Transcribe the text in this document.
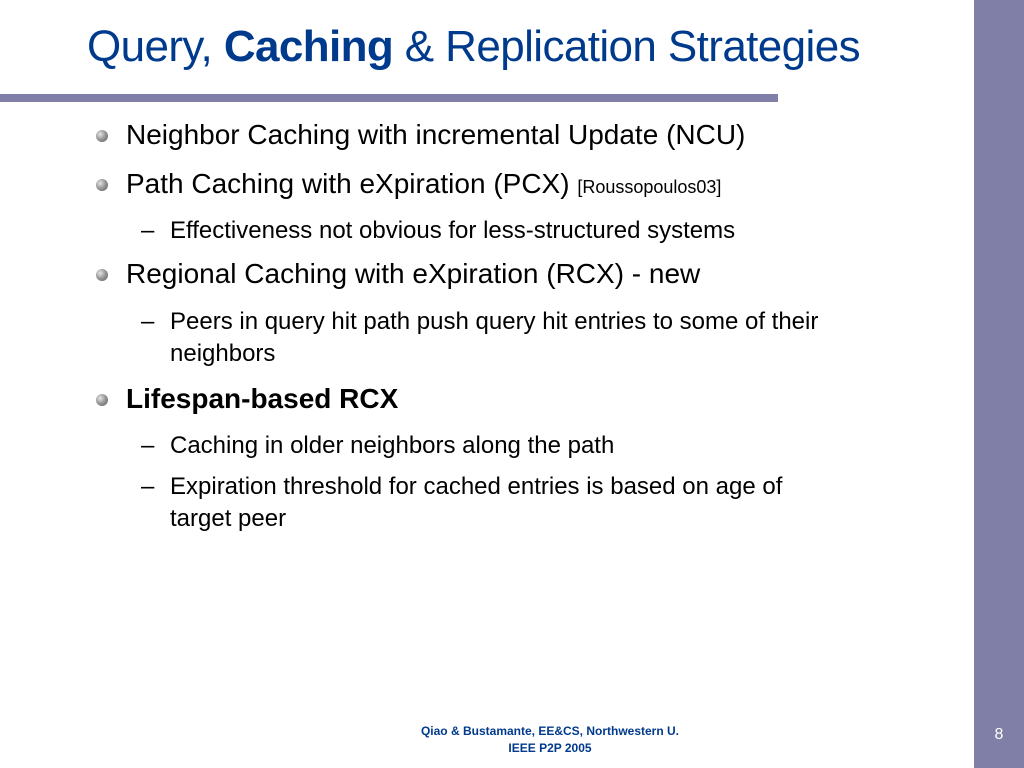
Query, Caching & Replication Strategies
Neighbor Caching with incremental Update (NCU)
Path Caching with eXpiration (PCX) [Roussopoulos03]
– Effectiveness not obvious for less-structured systems
Regional Caching with eXpiration (RCX) - new
– Peers in query hit path push query hit entries to some of their
neighbors
Lifespan-based RCX
– Caching in older neighbors along the path
– Expiration threshold for cached entries is based on age of
target peer
Qiao & Bustamante, EE&CS, Northwestern U.
IEEE P2P 2005
8
